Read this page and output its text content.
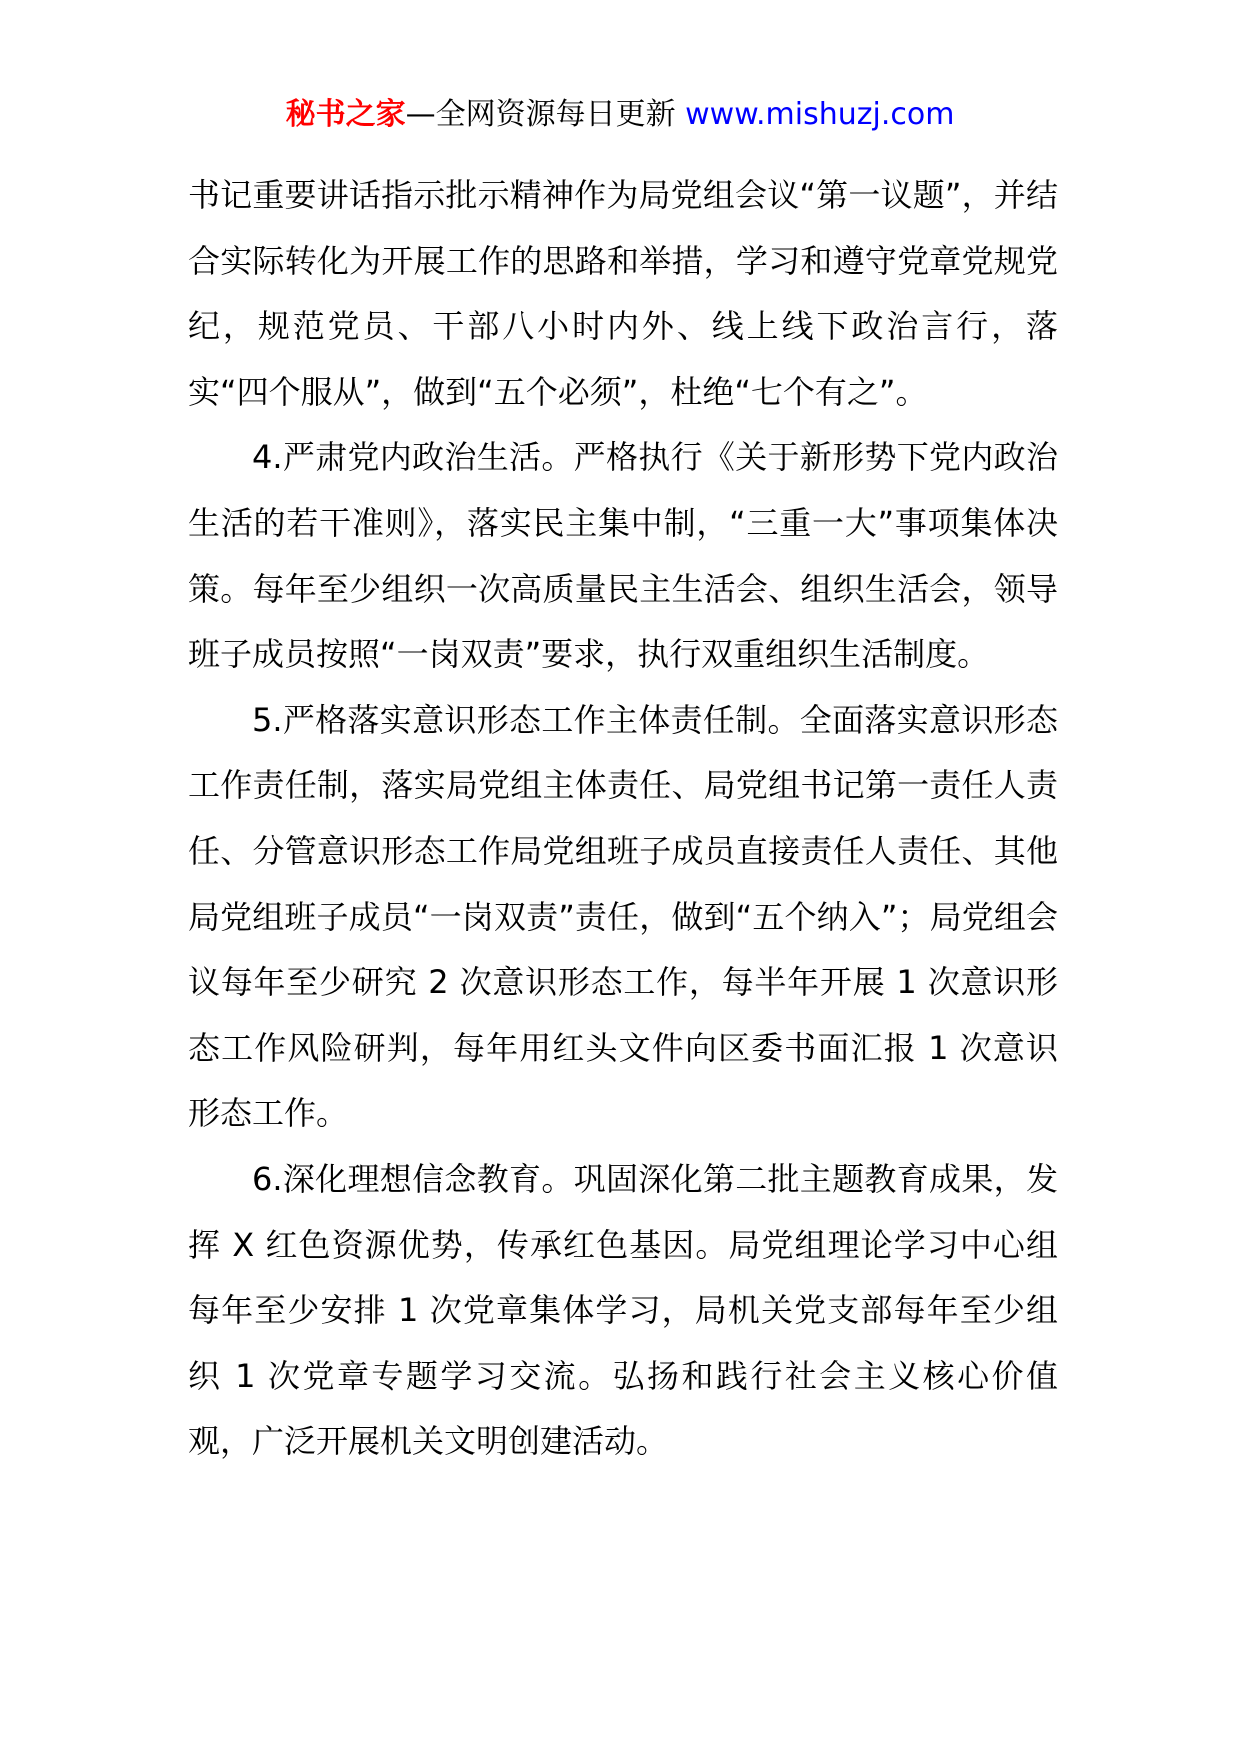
秘书之家—全网资源每日更新 www.mishuzj.com

书记重要讲话指示批示精神作为局党组会议“第一议题”，并结合实际转化为开展工作的思路和举措，学习和遵守党章党规党纪，规范党员、干部八小时内外、线上线下政治言行，落实“四个服从”，做到“五个必须”，杜绝“七个有之”。

4.严肃党内政治生活。严格执行《关于新形势下党内政治生活的若干准则》，落实民主集中制，“三重一大”事项集体决策。每年至少组织一次高质量民主生活会、组织生活会，领导班子成员按照“一岗双责”要求，执行双重组织生活制度。

5.严格落实意识形态工作主体责任制。全面落实意识形态工作责任制，落实局党组主体责任、局党组书记第一责任人责任、分管意识形态工作局党组班子成员直接责任人责任、其他局党组班子成员“一岗双责”责任，做到“五个纳入”；局党组会议每年至少研究 2 次意识形态工作，每半年开展 1 次意识形态工作风险研判，每年用红头文件向区委书面汇报 1 次意识形态工作。

6.深化理想信念教育。巩固深化第二批主题教育成果，发挥 X 红色资源优势，传承红色基因。局党组理论学习中心组每年至少安排 1 次党章集体学习，局机关党支部每年至少组织 1 次党章专题学习交流。弘扬和践行社会主义核心价值观，广泛开展机关文明创建活动。
